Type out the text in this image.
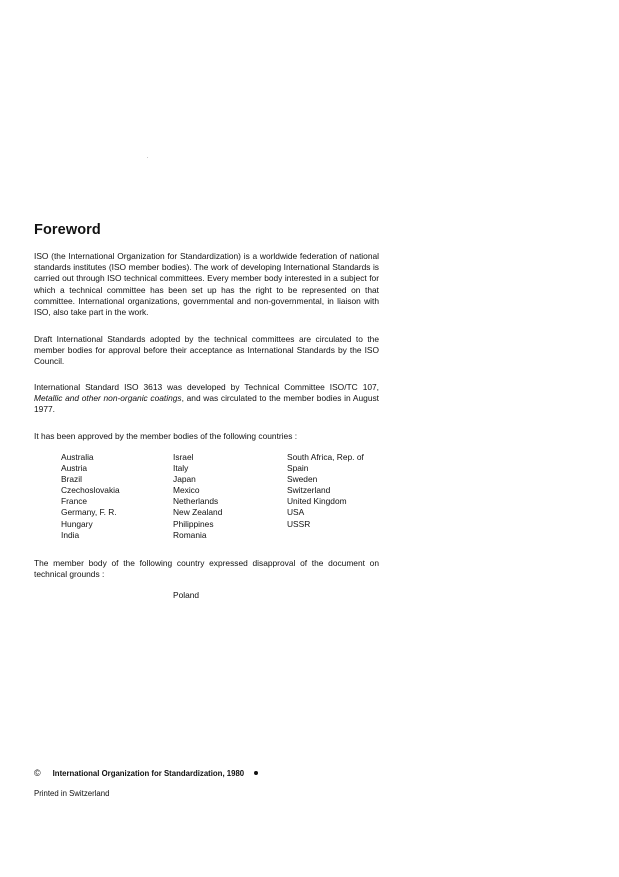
Foreword

ISO (the International Organization for Standardization) is a worldwide federation of national standards institutes (ISO member bodies). The work of developing International Standards is carried out through ISO technical committees. Every member body interested in a subject for which a technical committee has been set up has the right to be represented on that committee. International organizations, governmental and non-governmental, in liaison with ISO, also take part in the work.

Draft International Standards adopted by the technical committees are circulated to the member bodies for approval before their acceptance as International Standards by the ISO Council.

International Standard ISO 3613 was developed by Technical Committee ISO/TC 107, Metallic and other non-organic coatings, and was circulated to the member bodies in August 1977.

It has been approved by the member bodies of the following countries :

Australia
Austria
Brazil
Czechoslovakia
France
Germany, F. R.
Hungary
India
Israel
Italy
Japan
Mexico
Netherlands
New Zealand
Philippines
Romania
South Africa, Rep. of
Spain
Sweden
Switzerland
United Kingdom
USA
USSR

The member body of the following country expressed disapproval of the document on technical grounds :

Poland

© International Organization for Standardization, 1980
Printed in Switzerland
